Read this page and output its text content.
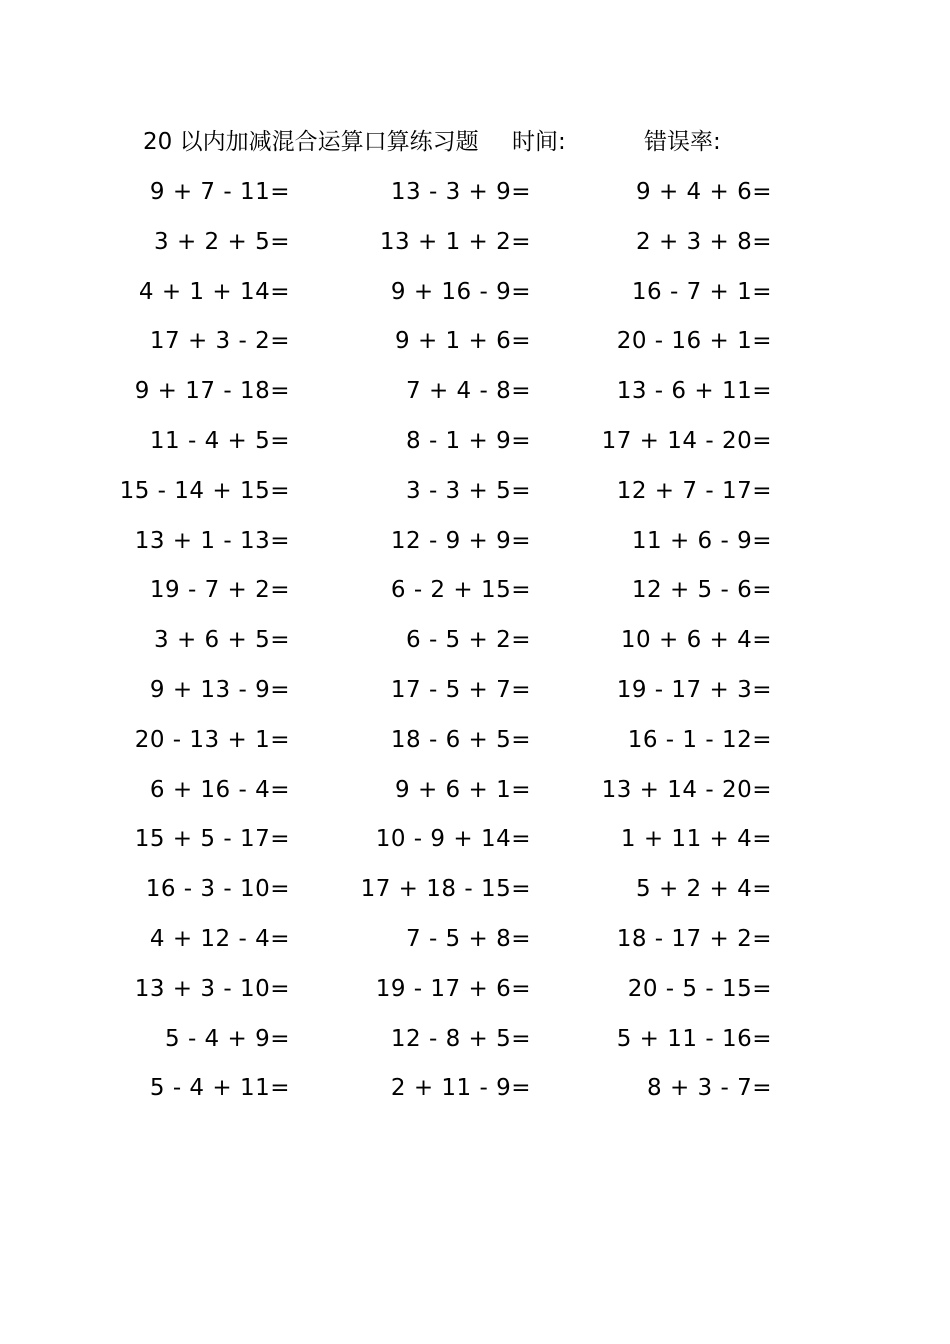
20 以内加减混合运算口算练习题 时间:	错误率:
9 + 7 - 11=	13 - 3 + 9=	9 + 4 + 6=
3 + 2 + 5=	13 + 1 + 2=	2 + 3 + 8=
4 + 1 + 14=	9 + 16 - 9=	16 - 7 + 1=
17 + 3 - 2=	9 + 1 + 6=	20 - 16 + 1=
9 + 17 - 18=	7 + 4 - 8=	13 - 6 + 11=
11 - 4 + 5=	8 - 1 + 9=	17 + 14 - 20=
15 - 14 + 15=	3 - 3 + 5=	12 + 7 - 17=
13 + 1 - 13=	12 - 9 + 9=	11 + 6 - 9=
19 - 7 + 2=	6 - 2 + 15=	12 + 5 - 6=
3 + 6 + 5=	6 - 5 + 2=	10 + 6 + 4=
9 + 13 - 9=	17 - 5 + 7=	19 - 17 + 3=
20 - 13 + 1=	18 - 6 + 5=	16 - 1 - 12=
6 + 16 - 4=	9 + 6 + 1=	13 + 14 - 20=
15 + 5 - 17=	10 - 9 + 14=	1 + 11 + 4=
16 - 3 - 10=	17 + 18 - 15=	5 + 2 + 4=
4 + 12 - 4=	7 - 5 + 8=	18 - 17 + 2=
13 + 3 - 10=	19 - 17 + 6=	20 - 5 - 15=
5 - 4 + 9=	12 - 8 + 5=	5 + 11 - 16=
5 - 4 + 11=	2 + 11 - 9=	8 + 3 - 7=
